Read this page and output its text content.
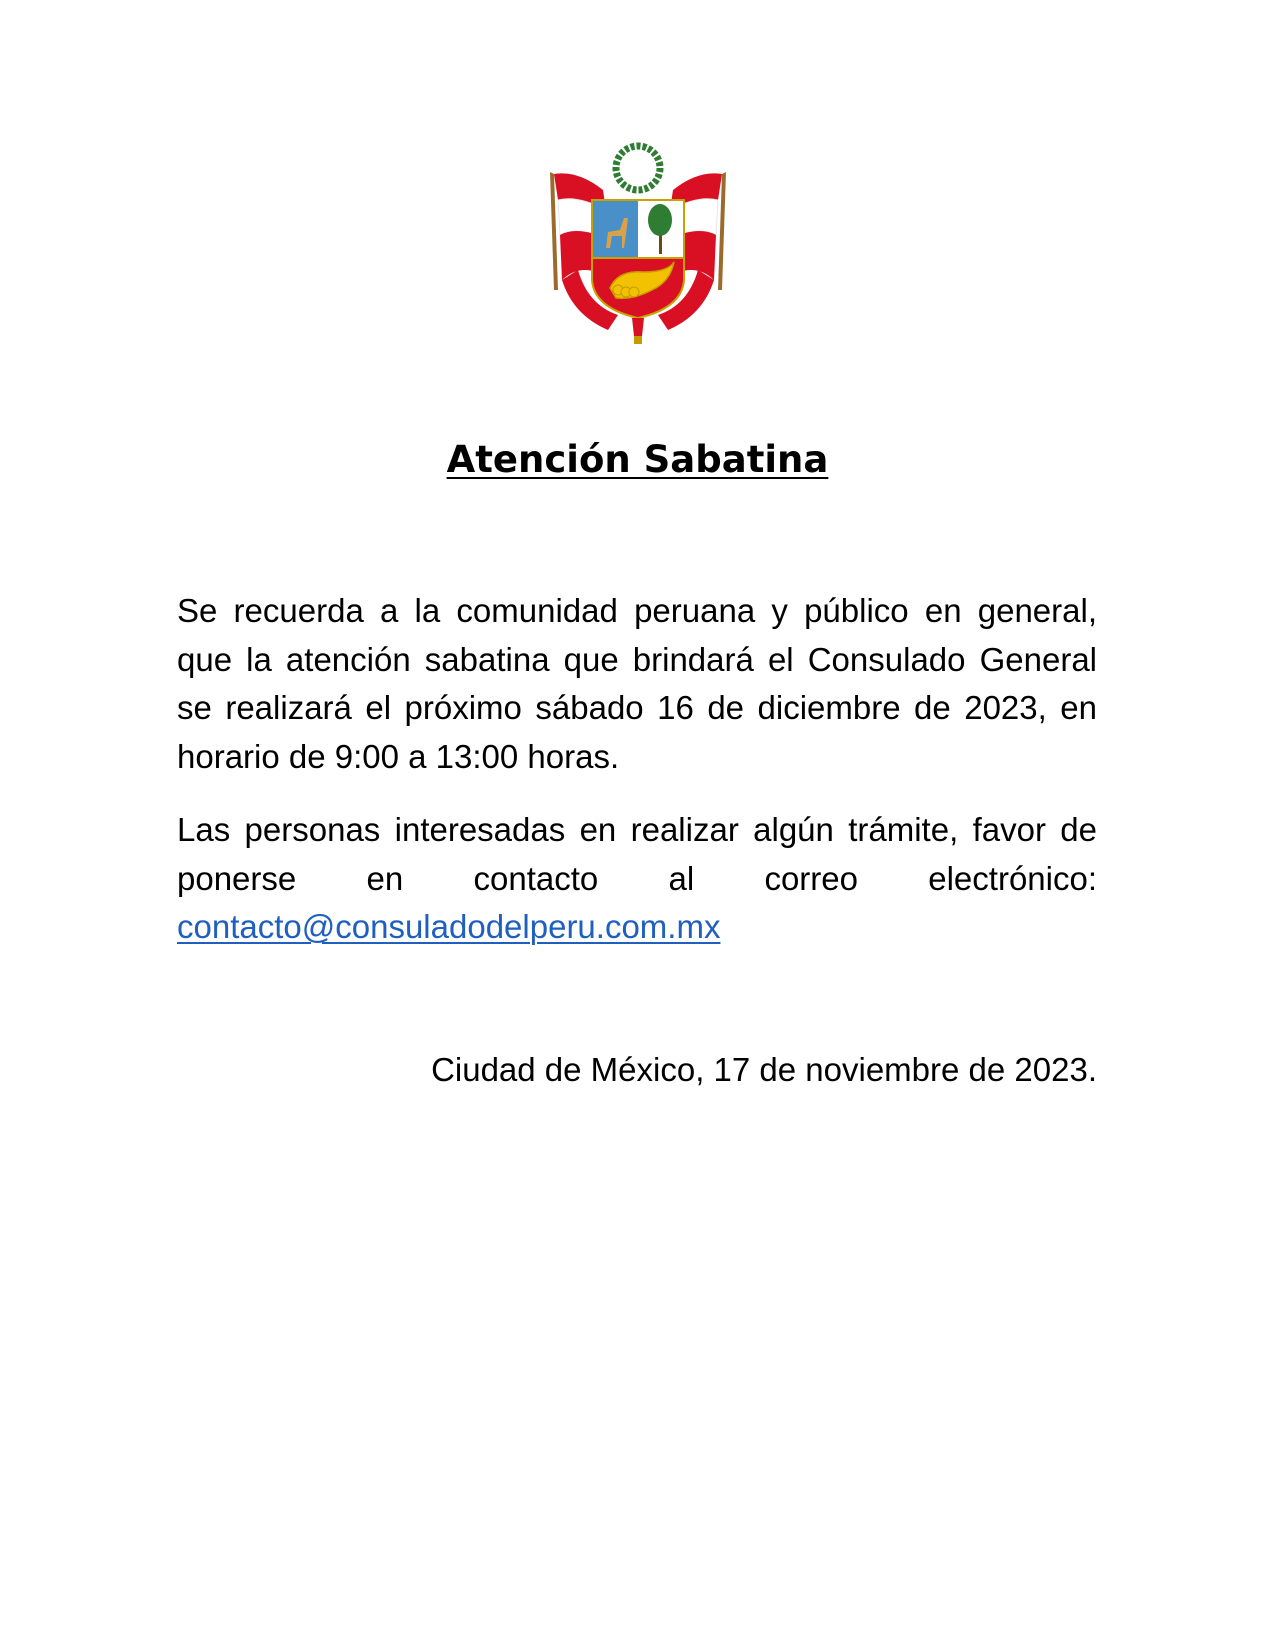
Atención Sabatina

Se recuerda a la comunidad peruana y público en general, que la atención sabatina que brindará el Consulado General se realizará el próximo sábado 16 de diciembre de 2023, en horario de 9:00 a 13:00 horas.

Las personas interesadas en realizar algún trámite, favor de ponerse en contacto al correo electrónico: contacto@consuladodelperu.com.mx

Ciudad de México, 17 de noviembre de 2023.
